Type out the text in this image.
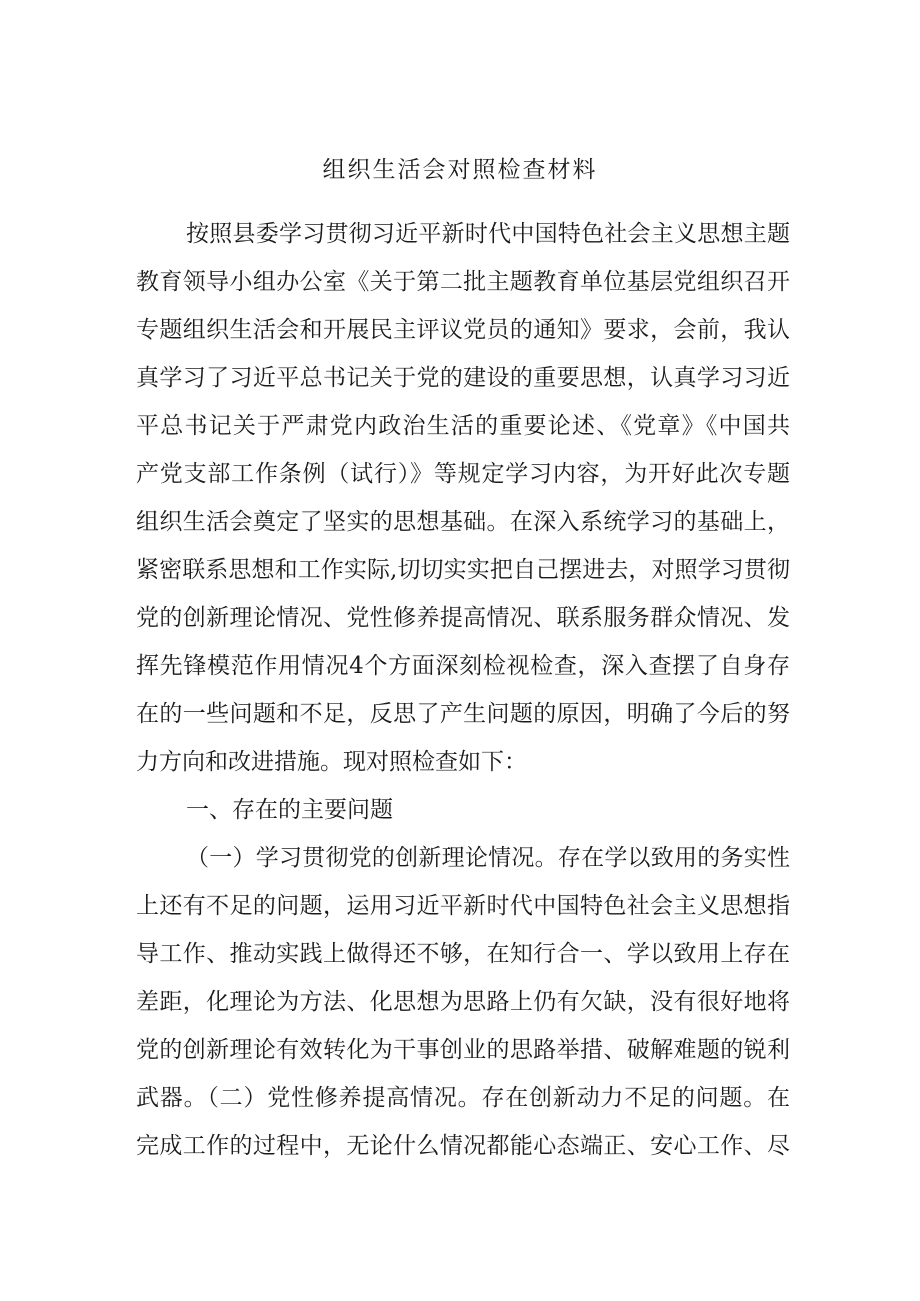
组织生活会对照检查材料

按照县委学习贯彻习近平新时代中国特色社会主义思想主题

教育领导小组办公室《关于第二批主题教育单位基层党组织召开

专题组织生活会和开展民主评议党员的通知》要求，会前，我认

真学习了习近平总书记关于党的建设的重要思想，认真学习习近

平总书记关于严肃党内政治生活的重要论述、《党章》《中国共

产党支部工作条例（试行）》等规定学习内容，为开好此次专题

组织生活会奠定了坚实的思想基础。在深入系统学习的基础上，

紧密联系思想和工作实际,切切实实把自己摆进去，对照学习贯彻

党的创新理论情况、党性修养提高情况、联系服务群众情况、发

挥先锋模范作用情况4个方面深刻检视检查，深入查摆了自身存

在的一些问题和不足，反思了产生问题的原因，明确了今后的努

力方向和改进措施。现对照检查如下：

一、存在的主要问题

（一）学习贯彻党的创新理论情况。存在学以致用的务实性

上还有不足的问题，运用习近平新时代中国特色社会主义思想指

导工作、推动实践上做得还不够，在知行合一、学以致用上存在

差距，化理论为方法、化思想为思路上仍有欠缺，没有很好地将

党的创新理论有效转化为干事创业的思路举措、破解难题的锐利

武器。（二）党性修养提高情况。存在创新动力不足的问题。在

完成工作的过程中，无论什么情况都能心态端正、安心工作、尽
